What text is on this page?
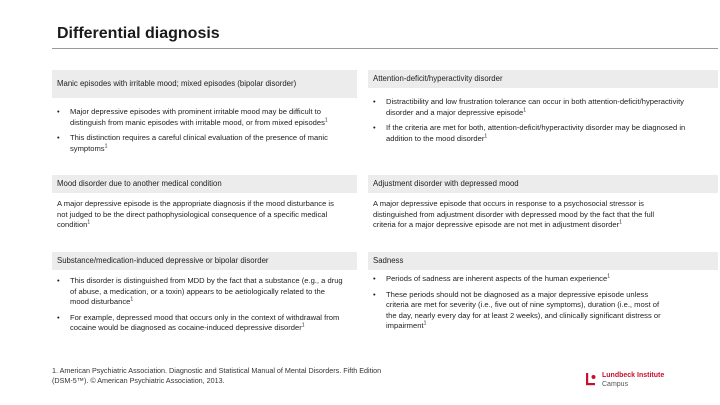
Differential diagnosis
Manic episodes with irritable mood; mixed episodes (bipolar disorder)
• Major depressive episodes with prominent irritable mood may be difficult to distinguish from manic episodes with irritable mood, or from mixed episodes$^1$
• This distinction requires a careful clinical evaluation of the presence of manic symptoms$^1$
Attention-deficit/hyperactivity disorder
• Distractibility and low frustration tolerance can occur in both attention-deficit/hyperactivity disorder and a major depressive episode$^1$
• If the criteria are met for both, attention-deficit/hyperactivity disorder may be diagnosed in addition to the mood disorder$^1$
Mood disorder due to another medical condition
A major depressive episode is the appropriate diagnosis if the mood disturbance is not judged to be the direct pathophysiological consequence of a specific medical condition$^1$
Adjustment disorder with depressed mood
A major depressive episode that occurs in response to a psychosocial stressor is distinguished from adjustment disorder with depressed mood by the fact that the full criteria for a major depressive episode are not met in adjustment disorder$^1$
Substance/medication-induced depressive or bipolar disorder
• This disorder is distinguished from MDD by the fact that a substance (e.g., a drug of abuse, a medication, or a toxin) appears to be aetiologically related to the mood disturbance$^1$
• For example, depressed mood that occurs only in the context of withdrawal from cocaine would be diagnosed as cocaine-induced depressive disorder$^1$
Sadness
• Periods of sadness are inherent aspects of the human experience$^1$
• These periods should not be diagnosed as a major depressive episode unless criteria are met for severity (i.e., five out of nine symptoms), duration (i.e., most of the day, nearly every day for at least 2 weeks), and clinically significant distress or impairment$^1$
1. American Psychiatric Association. Diagnostic and Statistical Manual of Mental Disorders. Fifth Edition (DSM-5™). © American Psychiatric Association, 2013.
Lundbeck Institute
Campus
